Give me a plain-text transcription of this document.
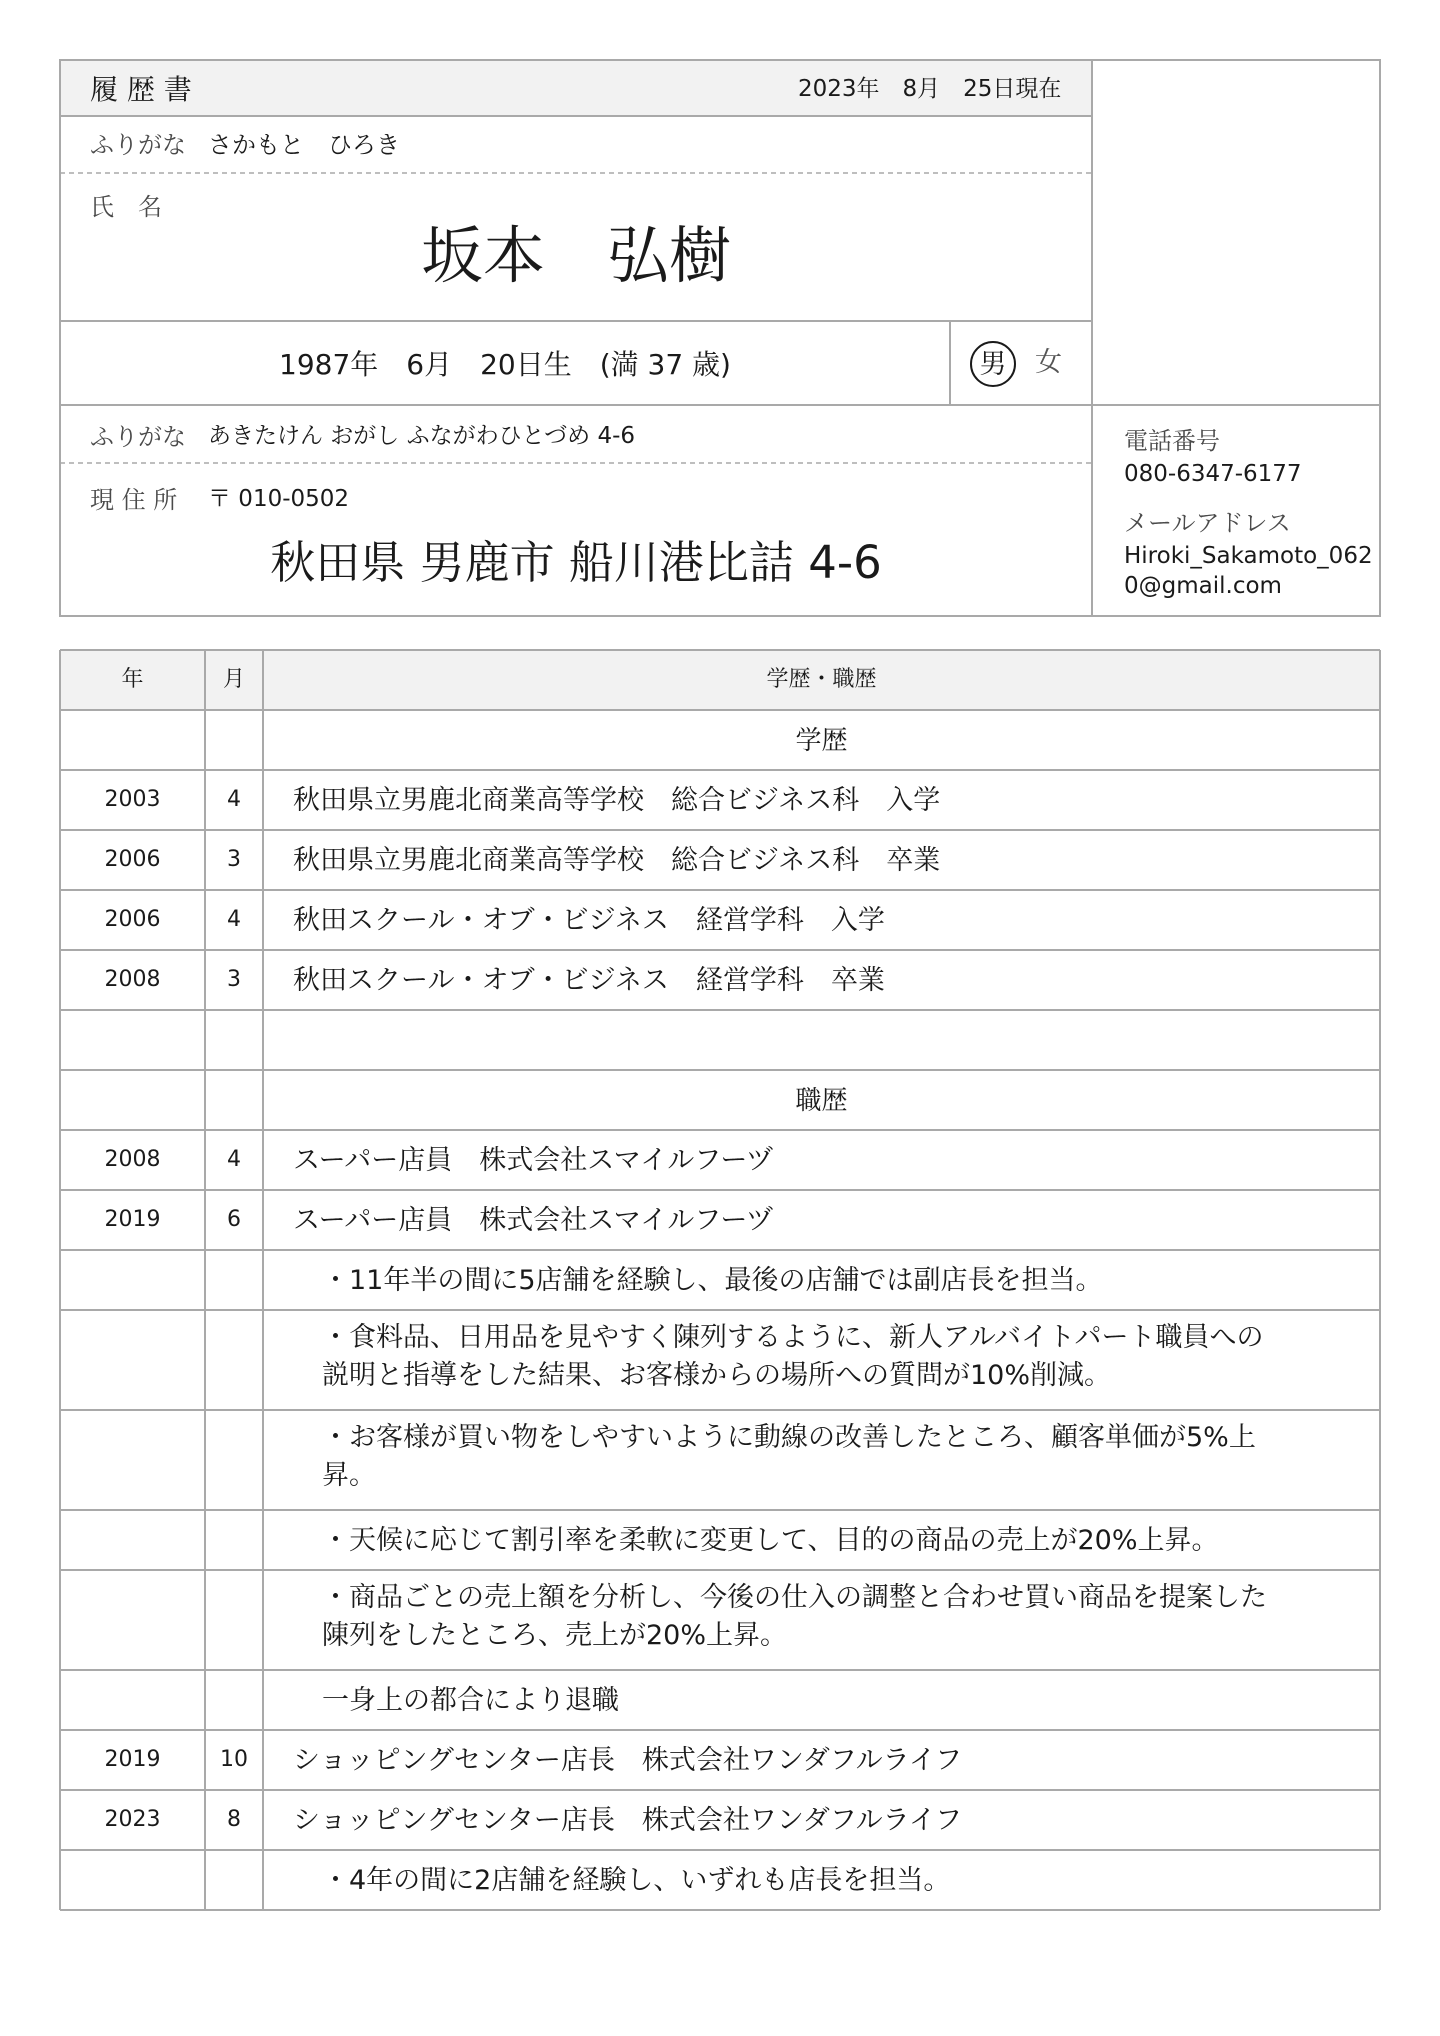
履 歴 書	2023年　8月　25日現在
ふりがな さかもと　ひろき
氏　名
坂本　弘樹
1987年　6月　20日生　(満 37 歳)	男	女
ふりがな あきたけん おがし ふながわひとづめ 4-6
現 住 所 〒 010-0502
秋田県 男鹿市 船川港比詰 4-6
電話番号
080-6347-6177
メールアドレス
Hiroki_Sakamoto_062
0@gmail.com
年	月	学歴・職歴
学歴
2003	4	秋田県立男鹿北商業高等学校　総合ビジネス科　入学
2006	3	秋田県立男鹿北商業高等学校　総合ビジネス科　卒業
2006	4	秋田スクール・オブ・ビジネス　経営学科　入学
2008	3	秋田スクール・オブ・ビジネス　経営学科　卒業
職歴
2008	4	スーパー店員　株式会社スマイルフーヅ
2019	6	スーパー店員　株式会社スマイルフーヅ
・11年半の間に5店舗を経験し、最後の店舗では副店長を担当。
・食料品、日用品を見やすく陳列するように、新人アルバイトパート職員への
説明と指導をした結果、お客様からの場所への質問が10%削減。
・お客様が買い物をしやすいように動線の改善したところ、顧客単価が5%上
昇。
・天候に応じて割引率を柔軟に変更して、目的の商品の売上が20%上昇。
・商品ごとの売上額を分析し、今後の仕入の調整と合わせ買い商品を提案した
陳列をしたところ、売上が20%上昇。
一身上の都合により退職
2019	10	ショッピングセンター店長　株式会社ワンダフルライフ
2023	8	ショッピングセンター店長　株式会社ワンダフルライフ
・4年の間に2店舗を経験し、いずれも店長を担当。
